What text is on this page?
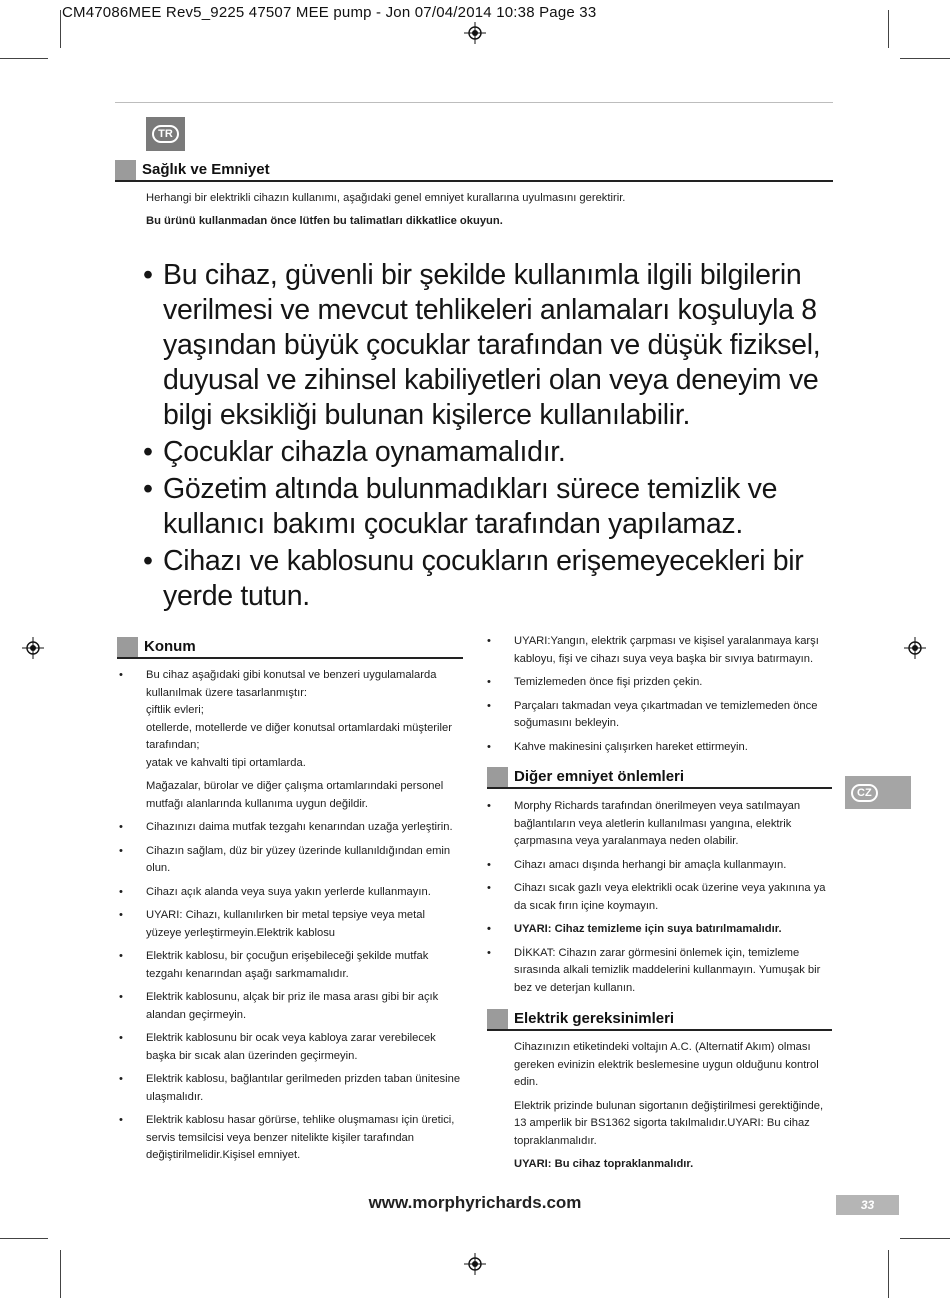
CM47086MEE Rev5_9225 47507 MEE pump - Jon 07/04/2014 10:38 Page 33
TR
Sağlık ve Emniyet
Herhangi bir elektrikli cihazın kullanımı, aşağıdaki genel emniyet kurallarına uyulmasını gerektirir.
Bu ürünü kullanmadan önce lütfen bu talimatları dikkatlice okuyun.
• Bu cihaz, güvenli bir şekilde kullanımla ilgili bilgilerin verilmesi ve mevcut tehlikeleri anlamaları koşuluyla 8 yaşından büyük çocuklar tarafından ve düşük fiziksel, duyusal ve zihinsel kabiliyetleri olan veya deneyim ve bilgi eksikliği bulunan kişilerce kullanılabilir.
• Çocuklar cihazla oynamamalıdır.
• Gözetim altında bulunmadıkları sürece temizlik ve kullanıcı bakımı çocuklar tarafından yapılamaz.
• Cihazı ve kablosunu çocukların erişemeyecekleri bir yerde tutun.
Konum
• Bu cihaz aşağıdaki gibi konutsal ve benzeri uygulamalarda
kullanılmak üzere tasarlanmıştır:
çiftlik evleri;
otellerde, motellerde ve diğer konutsal ortamlardaki müşteriler
tarafından;
yatak ve kahvalti tipi ortamlarda.
Mağazalar, bürolar ve diğer çalışma ortamlarındaki personel mutfağı alanlarında kullanıma uygun değildir.
• Cihazınızı daima mutfak tezgahı kenarından uzağa yerleştirin.
• Cihazın sağlam, düz bir yüzey üzerinde kullanıldığından emin olun.
• Cihazı açık alanda veya suya yakın yerlerde kullanmayın.
• UYARI: Cihazı, kullanılırken bir metal tepsiye veya metal yüzeye yerleştirmeyin.Elektrik kablosu
• Elektrik kablosu, bir çocuğun erişebileceği şekilde mutfak tezgahı kenarından aşağı sarkmamalıdır.
• Elektrik kablosunu, alçak bir priz ile masa arası gibi bir açık alandan geçirmeyin.
• Elektrik kablosunu bir ocak veya kabloya zarar verebilecek başka bir sıcak alan üzerinden geçirmeyin.
• Elektrik kablosu, bağlantılar gerilmeden prizden taban ünitesine ulaşmalıdır.
• Elektrik kablosu hasar görürse, tehlike oluşmaması için üretici, servis temsilcisi veya benzer nitelikte kişiler tarafından değiştirilmelidir.Kişisel emniyet.
• UYARI:Yangın, elektrik çarpması ve kişisel yaralanmaya karşı kabloyu, fişi ve cihazı suya veya başka bir sıvıya batırmayın.
• Temizlemeden önce fişi prizden çekin.
• Parçaları takmadan veya çıkartmadan ve temizlemeden önce soğumasını bekleyin.
• Kahve makinesini çalışırken hareket ettirmeyin.
Diğer emniyet önlemleri
• Morphy Richards tarafından önerilmeyen veya satılmayan bağlantıların veya aletlerin kullanılması yangına, elektrik çarpmasına veya yaralanmaya neden olabilir.
• Cihazı amacı dışında herhangi bir amaçla kullanmayın.
• Cihazı sıcak gazlı veya elektrikli ocak üzerine veya yakınına ya da sıcak fırın içine koymayın.
• UYARI: Cihaz temizleme için suya batırılmamalıdır.
• DİKKAT: Cihazın zarar görmesini önlemek için, temizleme sırasında alkali temizlik maddelerini kullanmayın. Yumuşak bir bez ve deterjan kullanın.
Elektrik gereksinimleri
Cihazınızın etiketindeki voltajın A.C. (Alternatif Akım) olması gereken evinizin elektrik beslemesine uygun olduğunu kontrol edin.
Elektrik prizinde bulunan sigortanın değiştirilmesi gerektiğinde, 13 amperlik bir BS1362 sigorta takılmalıdır.UYARI: Bu cihaz topraklanmalıdır.
UYARI: Bu cihaz topraklanmalıdır.
CZ
www.morphyrichards.com	33
